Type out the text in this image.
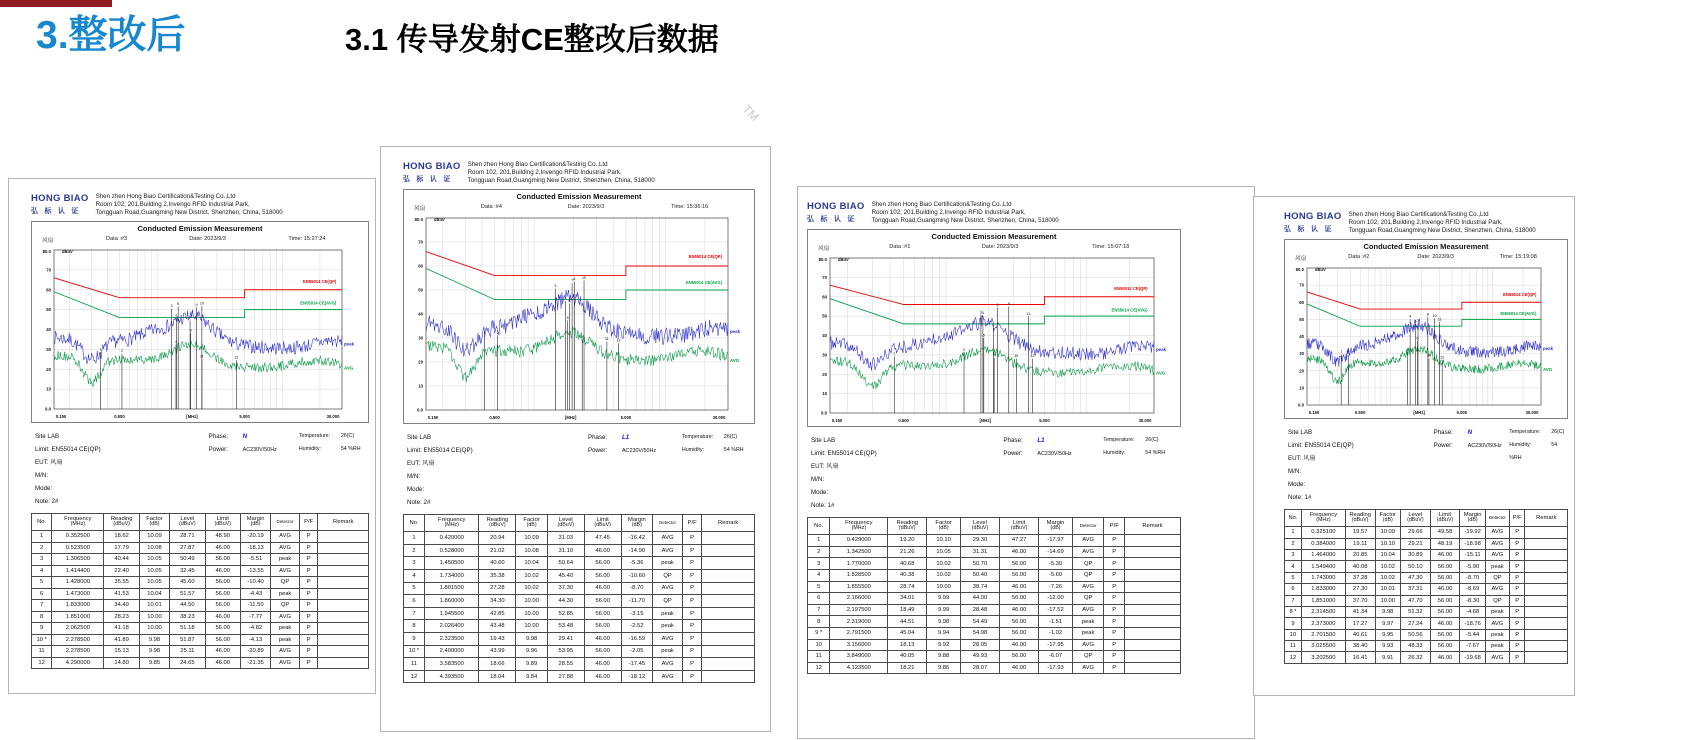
3.整改后	3.1 传导发射CE整改后数据
TM
HONG BIAO
弘 标 认 证
Shen zhen Hong Biao Certification&Testing Co.,Ltd
Room 102, 201,Building 2,Invengo RFID Industrial Park,
Tongguan Road,Guangming New District, Shenzhen, China, 518000
Conducted Emission Measurement
风扇	Data :#3	Date: 2023/9/3	Time: 15:27:24
EN55014 CE(QP)
EN55014 CE(AVG)
1	2
3
4
5
6
7
8
9 10
11	12
peak
AVG
80.0	dBuV
10
20
30
40
50
60
70
0.0
0.150	0.500	[MHz]	5.000	30.000
Site LAB
Limit: EN55014 CE(QP)
EUT: 风扇
M/N:
Mode:
Note: 2#
Phase: N
Power:	AC230V/50Hz
Temperature: 26(C)
Humidity:	54 %RH
No.	Frequency
(MHz)

Reading
(dBuV)

Factor
(dB)

Level
(dBuV)

Limit
(dBuV)

Margin
(dB)

Detector	P/F	Remark

1	0.352500	18.62	10.09	28.71	48.90	-20.19	AVG	P	
2	0.523500	17.79	10.08	27.87	46.00	-18.13	AVG	P	
3	1.306500	40.44	10.05	50.49	56.00	-5.51	peak	P	
4	1.414400	22.40	10.05	32.45	46.00	-13.55	AVG	P	
5	1.428000	35.55	10.05	45.60	56.00	-10.40	QP	P	
6	1.473000	41.53	10.04	51.57	56.00	-4.43	peak	P	
7	1.833000	34.49	10.01	44.50	56.00	-11.50	QP	P	
8	1.851000	28.23	10.00	38.23	46.00	-7.77	AVG	P	
9	2.062500	41.18	10.00	51.18	56.00	-4.82	peak	P	
10 *	2.278500	41.89	9.98	51.87	56.00	-4.13	peak	P	
11	2.278500	15.13	9.98	25.11	46.00	-20.89	AVG	P	
12	4.290000	14.80	9.85	24.65	46.00	-21.35	AVG	P	
HONG BIAO
弘 标 认 证
Shen zhen Hong Biao Certification&Testing Co.,Ltd
Room 102, 201,Building 2,Invengo RFID Industrial Park,
Tongguan Road,Guangming New District, Shenzhen, China, 518000
Conducted Emission Measurement
风扇	Data :#4	Date: 2023/9/3	Time: 15:36:16
EN55014 CE(QP)
EN55014 CE(AVG)
1	2
3
4
5
6
7 8
9
10
11 12
peak
AVG
80.0	dBuV
10
20
30
40
50
60
70
0.0
0.150	0.500	[MHz]	5.000	30.000
Site LAB
Limit: EN55014 CE(QP)
EUT: 风扇
M/N:
Mode:
Note: 2#
Phase: L1
Power:	AC230V/50Hz
Temperature: 26(C)
Humidity:	54 %RH
No.	Frequency
(MHz)

Reading
(dBuV)

Factor
(dB)

Level
(dBuV)

Limit
(dBuV)

Margin
(dB)

Detector	P/F	Remark

1	0.420000	20.94	10.09	31.03	47.45	-16.42	AVG	P	
2	0.528000	21.02	10.08	31.10	46.00	-14.90	AVG	P	
3	1.450500	40.60	10.04	50.64	56.00	-5.36	peak	P	
4	1.734000	35.38	10.02	45.40	56.00	-10.60	QP	P	
5	1.801500	27.28	10.02	37.30	46.00	-8.70	AVG	P	
6	1.860000	34.30	10.00	44.30	56.00	-11.70	QP	P	
7	1.945500	42.85	10.00	52.85	56.00	-3.15	peak	P	
8	2.026400	43.48	10.00	53.48	56.00	-2.52	peak	P	
9	2.323500	19.43	9.98	29.41	46.00	-16.59	AVG	P	
10 *	2.400000	43.99	9.96	53.95	56.00	-2.05	peak	P	
11	3.583500	18.66	9.89	28.55	46.00	-17.45	AVG	P	
12	4.393500	18.04	9.84	27.88	46.00	-18.12	AVG	P	
HONG BIAO
弘 标 认 证
Shen zhen Hong Biao Certification&Testing Co.,Ltd
Room 102, 201,Building 2,Invengo RFID Industrial Park,
Tongguan Road,Guangming New District, Shenzhen, China, 518000
Conducted Emission Measurement
风扇	Data :#1	Date: 2023/9/3	Time: 15:07:18
EN55014 CE(QP)
EN55014 CE(AVG)
1
2
3 4
5
6
7
8	9
10
11
12
peak
AVG
80.0	dBuV
10
20
30
40
50
60
70
0.0
0.150	0.500	[MHz]	5.000	30.000
Site LAB
Limit: EN55014 CE(QP)
EUT: 风扇
M/N:
Mode:
Note: 1#
Phase: L1
Power:	AC230V/50Hz
Temperature: 26(C)
Humidity:	54 %RH
No.	Frequency
(MHz)

Reading
(dBuV)

Factor
(dB)

Level
(dBuV)

Limit
(dBuV)

Margin
(dB)

Detector	P/F	Remark

1	0.429000	19.20	10.10	29.30	47.27	-17.97	AVG	P	
2	1.342500	21.26	10.05	31.31	46.00	-14.69	AVG	P	
3	1.770000	40.68	10.02	50.70	56.00	-5.30	QP	P	
4	1.828500	40.38	10.02	50.40	56.00	-5.60	QP	P	
5	1.855500	28.74	10.00	38.74	46.00	-7.26	AVG	P	
6	2.166000	34.01	9.99	44.00	56.00	-12.00	QP	P	
7	2.197500	18.49	9.99	28.48	46.00	-17.52	AVG	P	
8	2.319000	44.51	9.98	54.49	56.00	-1.51	peak	P	
9 *	2.791500	45.04	9.94	54.98	56.00	-1.02	peak	P	
10	3.156000	18.13	9.92	28.05	46.00	-17.95	AVG	P	
11	3.849000	40.05	9.88	49.93	56.00	-6.07	QP	P	
12	4.123500	18.21	9.86	28.07	46.00	-17.93	AVG	P	
HONG BIAO
弘 标 认 证
Shen zhen Hong Biao Certification&Testing Co.,Ltd
Room 102, 201,Building 2,Invengo RFID Industrial Park,
Tongguan Road,Guangming New District, Shenzhen, China, 518000
Conducted Emission Measurement
风扇	Data :#2	Date: 2023/9/3	Time: 15:19:08
EN55014 CE(QP)
EN55014 CE(AVG)
1 2
3
4
5
6
7
8
9
10
11
12
peak
AVG
80.0	dBuV
10
20
30
40
50
60
70
0.0
0.150	0.500	[MHz]	5.000	30.000
Site LAB
Limit: EN55014 CE(QP)
EUT: 风扇
M/N:
Mode:
Note: 1#
Phase: N
Power:	AC230V/50Hz
Temperature: 26(C)
Humidity:	54 %RH
No.	Frequency
(MHz)

Reading
(dBuV)

Factor
(dB)

Level
(dBuV)

Limit
(dBuV)

Margin
(dB)

Detector	P/F	Remark

1	0.325100	19.57	10.09	29.66	49.58	-19.92	AVG	P	
2	0.384000	19.11	10.10	29.21	48.19	-18.98	AVG	P	
3	1.464000	20.85	10.04	30.89	46.00	-15.11	AVG	P	
4	1.549400	40.08	10.02	50.10	56.00	-5.90	peak	P	
5	1.743000	37.28	10.02	47.30	56.00	-8.70	QP	P	
6	1.833000	27.30	10.01	37.31	46.00	-8.69	AVG	P	
7	1.851000	37.70	10.00	47.70	56.00	-8.30	QP	P	
8 *	2.314500	41.34	9.98	51.32	56.00	-4.68	peak	P	
9	2.373000	17.27	9.97	27.24	46.00	-18.76	AVG	P	
10	2.701500	40.61	9.95	50.56	56.00	-5.44	peak	P	
11	3.025500	38.40	9.93	48.33	56.00	-7.67	peak	P	
12	3.202500	16.41	9.91	26.32	46.00	-19.68	AVG	P	
